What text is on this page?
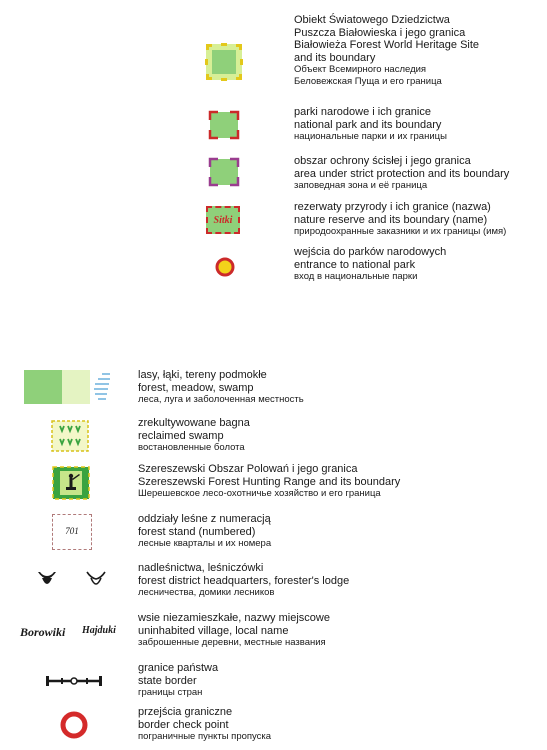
Obiekt Światowego Dziedzictwa
Puszcza Białowieska i jego granica
Białowieża Forest World Heritage Site
and its boundary
Объект Всемирного наследия
Беловежская Пуща и его граница
parki narodowe i ich granice
national park and its boundary
национальные парки и их границы
obszar ochrony ścisłej i jego granica
area under strict protection and its boundary
заповедная зона и её граница
Sitki
rezerwaty przyrody i ich granice (nazwa)
nature reserve and its boundary (name)
природоохранные заказники и их границы (имя)
wejścia do parków narodowych
entrance to national park
вход в национальные парки
lasy, łąki, tereny podmokłe
forest, meadow, swamp
леса, луга и заболоченная местность
zrekultywowane bagna
reclaimed swamp
востановленные болота
Szereszewski Obszar Polowań i jego granica
Szereszewski Forest Hunting Range and its boundary
Шерешевское лесо-охотничье хозяйство и его граница
701
oddziały leśne z numeracją
forest stand (numbered)
лесные кварталы и их номера
nadleśnictwa, leśniczówki
forest district headquarters, forester's lodge
лесничества, домики лесников
Borowiki Hajduki
wsie niezamieszkałe, nazwy miejscowe
uninhabited village, local name
заброшенные деревни, местные названия
granice państwa
state border
границы стран
przejścia graniczne
border check point
пограничные пункты пропуска
